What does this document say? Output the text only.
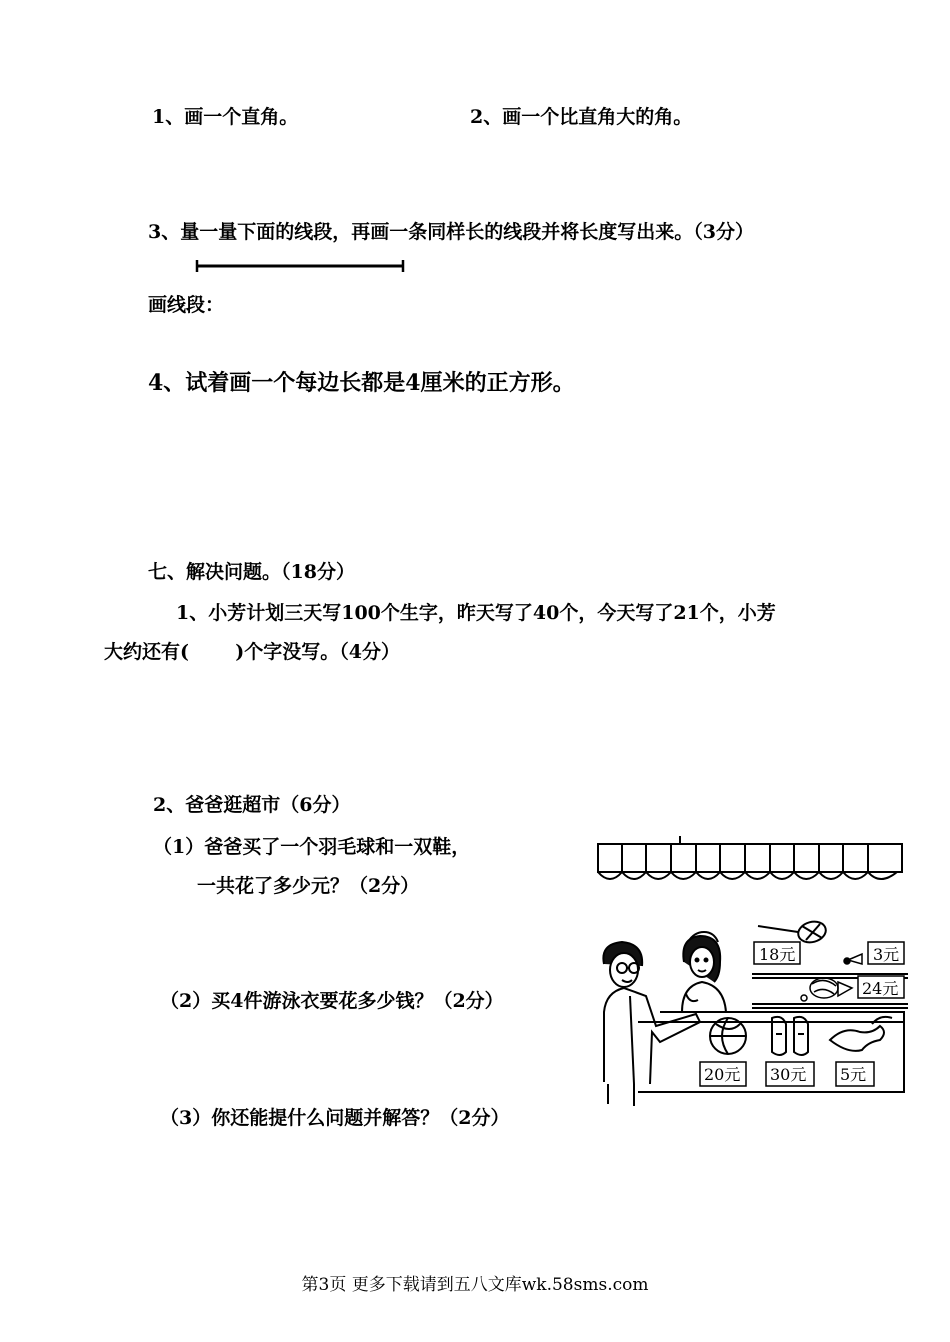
1、画一个直角。	2、画一个比直角大的角。
3、量一量下面的线段，再画一条同样长的线段并将长度写出来。（3分）
画线段：
4、试着画一个每边长都是4厘米的正方形。
七、解决问题。（18分）
1、小芳计划三天写100个生字，昨天写了40个，今天写了21个，小芳
大约还有(       )个字没写。（4分）
2、爸爸逛超市（6分）
（1）爸爸买了一个羽毛球和一双鞋，
一共花了多少元？（2分）
（2）买4件游泳衣要花多少钱？（2分）
（3）你还能提什么问题并解答？（2分）
18元	3元
24元
20元 30元 5元
第3页 更多下载请到五八文库wk.58sms.com
